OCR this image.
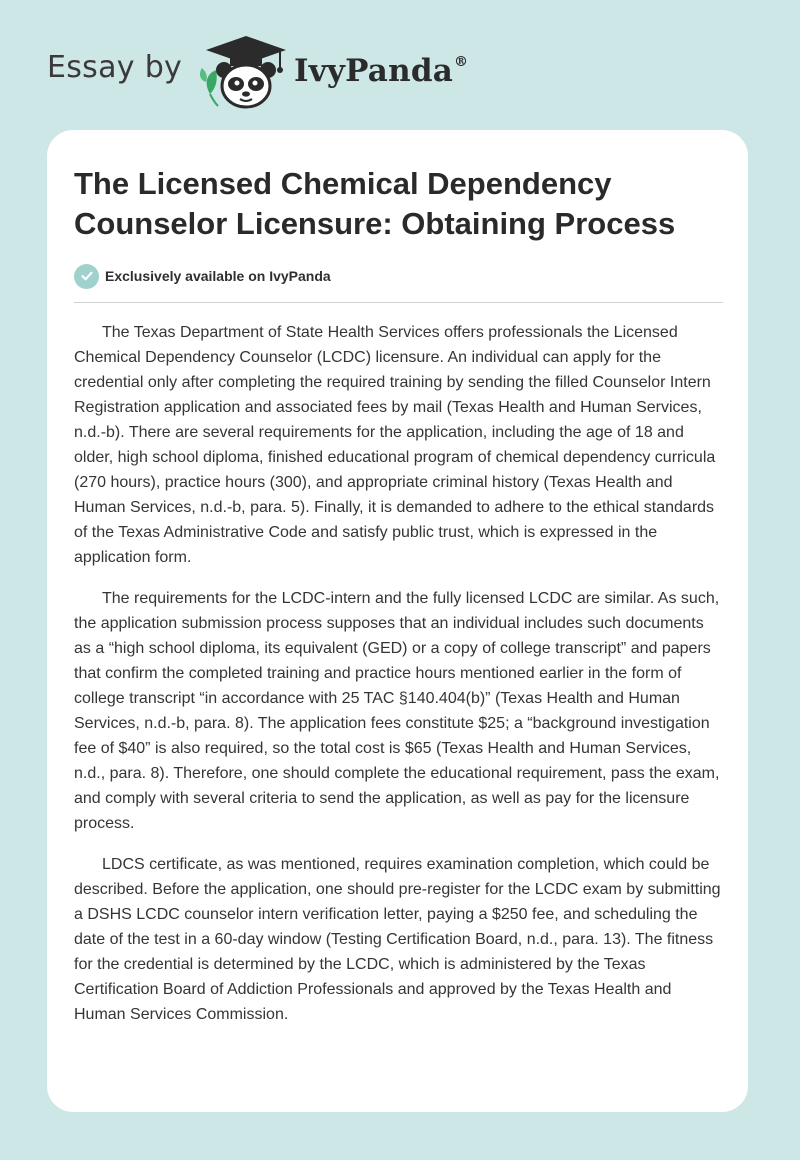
Essay by	IvyPanda®
The Licensed Chemical Dependency Counselor Licensure: Obtaining Process
Exclusively available on IvyPanda

The Texas Department of State Health Services offers professionals the Licensed Chemical Dependency Counselor (LCDC) licensure. An individual can apply for the credential only after completing the required training by sending the filled Counselor Intern Registration application and associated fees by mail (Texas Health and Human Services, n.d.-b). There are several requirements for the application, including the age of 18 and older, high school diploma, finished educational program of chemical dependency curricula (270 hours), practice hours (300), and appropriate criminal history (Texas Health and Human Services, n.d.-b, para. 5). Finally, it is demanded to adhere to the ethical standards of the Texas Administrative Code and satisfy public trust, which is expressed in the application form.

The requirements for the LCDC-intern and the fully licensed LCDC are similar. As such, the application submission process supposes that an individual includes such documents as a “high school diploma, its equivalent (GED) or a copy of college transcript” and papers that confirm the completed training and practice hours mentioned earlier in the form of college transcript “in accordance with 25 TAC §140.404(b)” (Texas Health and Human Services, n.d.-b, para. 8). The application fees constitute $25; a “background investigation fee of $40” is also required, so the total cost is $65 (Texas Health and Human Services, n.d., para. 8). Therefore, one should complete the educational requirement, pass the exam, and comply with several criteria to send the application, as well as pay for the licensure process.

LDCS certificate, as was mentioned, requires examination completion, which could be described. Before the application, one should pre-register for the LCDC exam by submitting a DSHS LCDC counselor intern verification letter, paying a $250 fee, and scheduling the date of the test in a 60-day window (Testing Certification Board, n.d., para. 13). The fitness for the credential is determined by the LCDC, which is administered by the Texas Certification Board of Addiction Professionals and approved by the Texas Health and Human Services Commission.
